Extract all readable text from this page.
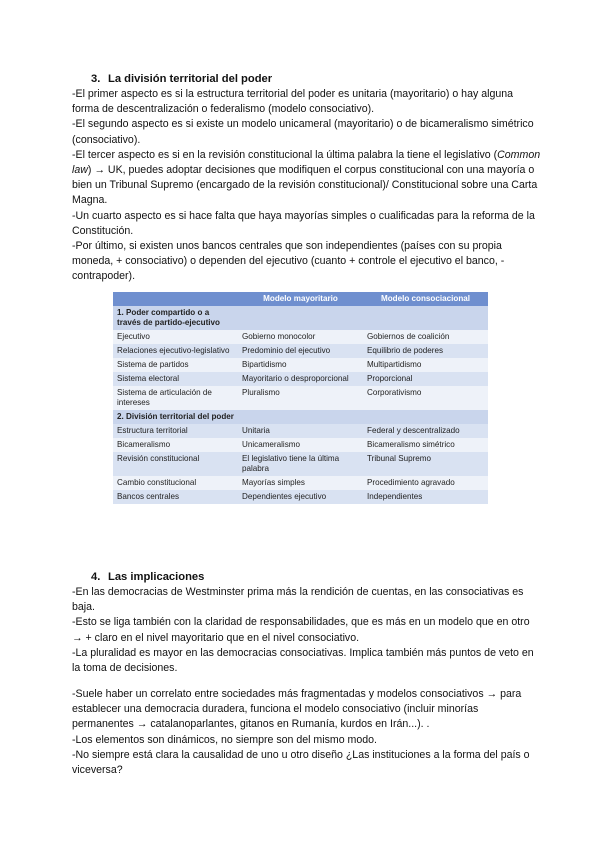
3. La división territorial del poder

-El primer aspecto es si la estructura territorial del poder es unitaria (mayoritario) o hay alguna forma de descentralización o federalismo (modelo consociativo).

-El segundo aspecto es si existe un modelo unicameral (mayoritario) o de bicameralismo simétrico (consociativo).

-El tercer aspecto es si en la revisión constitucional la última palabra la tiene el legislativo (Common law) → UK, puedes adoptar decisiones que modifiquen el corpus constitucional con una mayoría o bien un Tribunal Supremo (encargado de la revisión constitucional)/ Constitucional sobre una Carta Magna.

-Un cuarto aspecto es si hace falta que haya mayorías simples o cualificadas para la reforma de la Constitución.

-Por último, si existen unos bancos centrales que son independientes (países con su propia moneda, + consociativo) o dependen del ejecutivo (cuanto + controle el ejecutivo el banco, -contrapoder).

	Modelo mayoritario	Modelo consociacional
1. Poder compartido o a través de partido-ejecutivo		
Ejecutivo	Gobierno monocolor	Gobiernos de coalición
Relaciones ejecutivo-legislativo	Predominio del ejecutivo	Equilibrio de poderes
Sistema de partidos	Bipartidismo	Multipartidismo
Sistema electoral	Mayoritario o desproporcional	Proporcional
Sistema de articulación de intereses	Pluralismo	Corporativismo
2. División territorial del poder		
Estructura territorial	Unitaria	Federal y descentralizado
Bicameralismo	Unicameralismo	Bicameralismo simétrico
Revisión constitucional	El legislativo tiene la última palabra	Tribunal Supremo
Cambio constitucional	Mayorías simples	Procedimiento agravado
Bancos centrales	Dependientes ejecutivo	Independientes
4. Las implicaciones

-En las democracias de Westminster prima más la rendición de cuentas, en las consociativas es baja.

-Esto se liga también con la claridad de responsabilidades, que es más en un modelo que en otro → + claro en el nivel mayoritario que en el nivel consociativo.

-La pluralidad es mayor en las democracias consociativas. Implica también más puntos de veto en la toma de decisiones.

-Suele haber un correlato entre sociedades más fragmentadas y modelos consociativos → para establecer una democracia duradera, funciona el modelo consociativo (incluir minorías permanentes → catalanoparlantes, gitanos en Rumanía, kurdos en Irán...). .

-Los elementos son dinámicos, no siempre son del mismo modo.

-No siempre está clara la causalidad de uno u otro diseño ¿Las instituciones a la forma del país o viceversa?
